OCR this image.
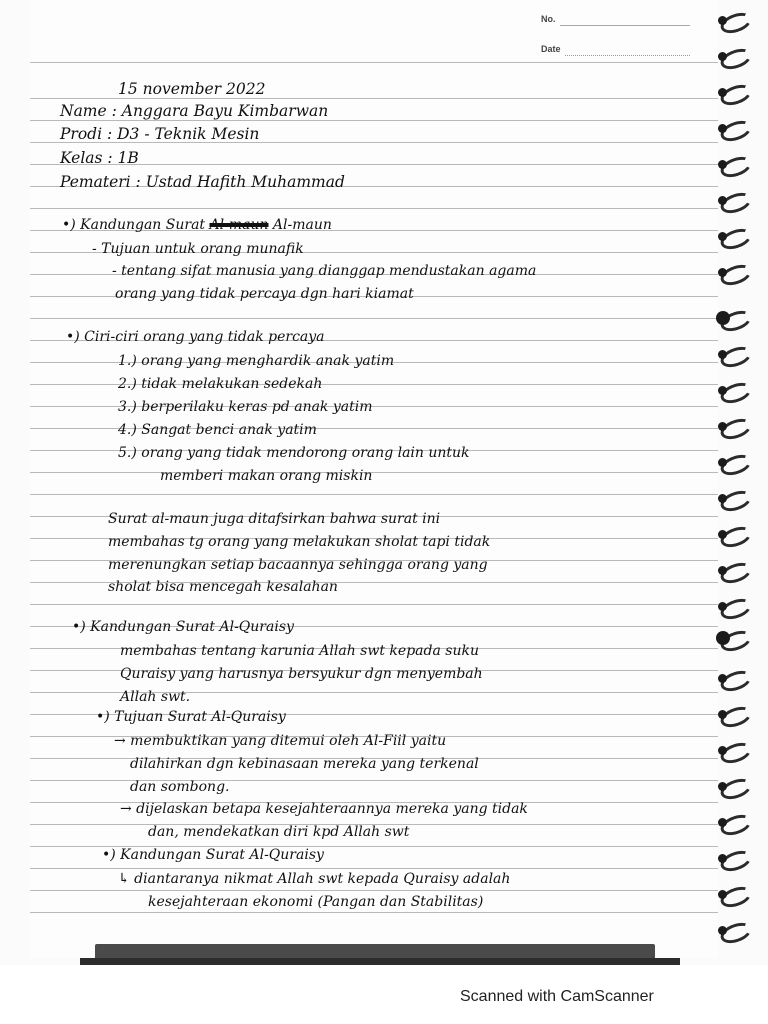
No.
Date
15 november 2022
Name : Anggara Bayu Kimbarwan
Prodi : D3 - Teknik Mesin
Kelas : 1B
Pemateri : Ustad Hafith Muhammad
•) Kandungan Surat Al-maun Al-maun
- Tujuan untuk orang munafik
- tentang sifat manusia yang dianggap mendustakan agama
orang yang tidak percaya dgn hari kiamat
•) Ciri-ciri orang yang tidak percaya
1.) orang yang menghardik anak yatim
2.) tidak melakukan sedekah
3.) berperilaku keras pd anak yatim
4.) Sangat benci anak yatim
5.) orang yang tidak mendorong orang lain untuk
memberi makan orang miskin
Surat al-maun juga ditafsirkan bahwa surat ini
membahas tg orang yang melakukan sholat tapi tidak
merenungkan setiap bacaannya sehingga orang yang
sholat bisa mencegah kesalahan
•) Kandungan Surat Al-Quraisy
membahas tentang karunia Allah swt kepada suku
Quraisy yang harusnya bersyukur dgn menyembah
Allah swt.
•) Tujuan Surat Al-Quraisy
→ membuktikan yang ditemui oleh Al-Fiil yaitu
dilahirkan dgn kebinasaan mereka yang terkenal
dan sombong.
→ dijelaskan betapa kesejahteraannya mereka yang tidak
dan, mendekatkan diri kpd Allah swt
•) Kandungan Surat Al-Quraisy
↳ diantaranya nikmat Allah swt kepada Quraisy adalah
kesejahteraan ekonomi (Pangan dan Stabilitas)
Scanned with CamScanner
